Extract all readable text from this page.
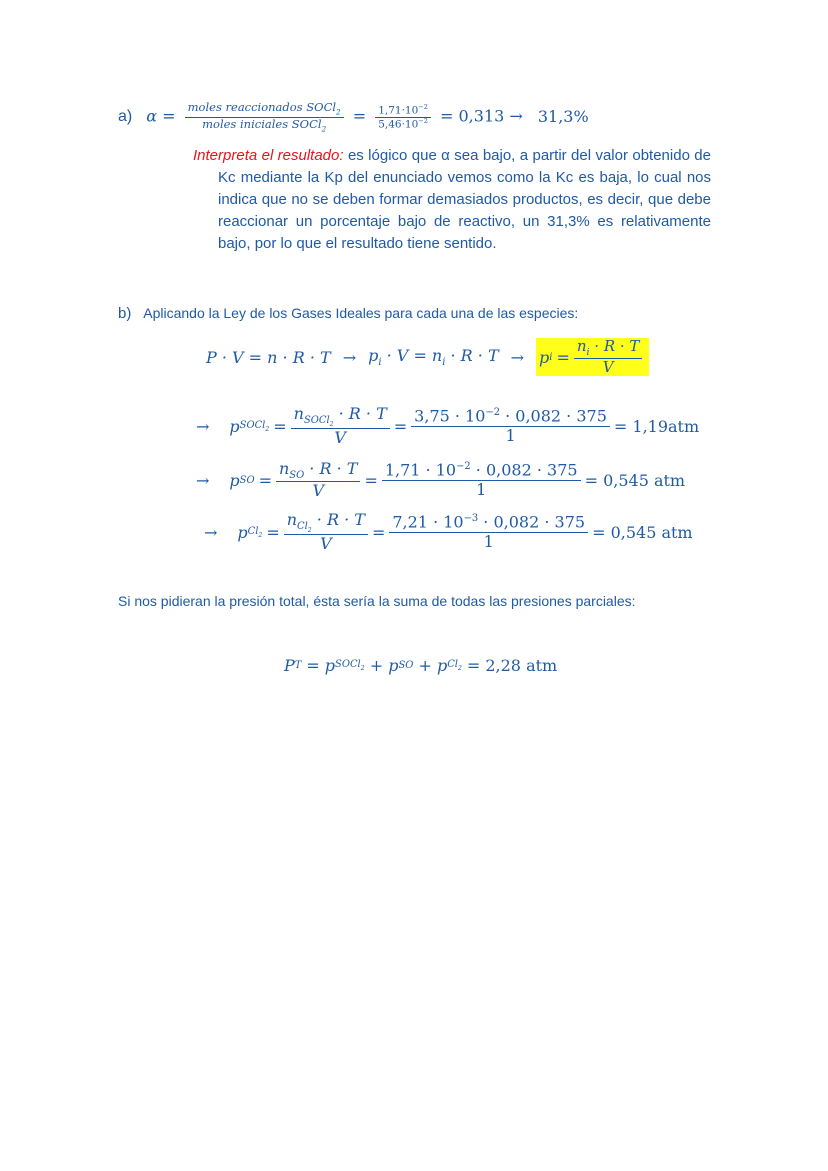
a) $\alpha = \frac{moles reaccionados SOCl_2}{moles iniciales SOCl_2} = \frac{1,71\cdot 10^{-2}}{5,46\cdot 10^{-2}} = 0,313 \to 31,3\%$
Interpreta el resultado: es lógico que α sea bajo, a partir del valor obtenido de Kc mediante la Kp del enunciado vemos como la Kc es baja, lo cual nos indica que no se deben formar demasiados productos, es decir, que debe reaccionar un porcentaje bajo de reactivo, un 31,3% es relativamente bajo, por lo que el resultado tiene sentido.
b) Aplicando la Ley de los Gases Ideales para cada una de las especies:
$P \cdot V = n \cdot R \cdot T \to p_i \cdot V = n_i \cdot R \cdot T \to p$ $i = \frac{n_i \cdot R \cdot T}{V}$
→ p SOCl$_2$ = $\frac{n_{SOCl_2} \cdot R \cdot T}{V} = \frac{3,75 \cdot 10^{-2} \cdot 0,082 \cdot 375}{1} = 1,19atm$
→ p SO = $\frac{n_{SO} \cdot R \cdot T}{V} = \frac{1,71 \cdot 10^{-2} \cdot 0,082 \cdot 375}{1} = 0,545$ atm
→ p $Cl_2 = \frac{n_{Cl_2} \cdot R \cdot T}{V} = \frac{7,21 \cdot 10^{-3} \cdot 0,082 \cdot 375}{1} = 0,545$ atm
Si nos pidieran la presión total, ésta sería la suma de todas las presiones parciales:
P T = p SOCl$_2$ + p SO + p $Cl_2 = 2,28$ atm
